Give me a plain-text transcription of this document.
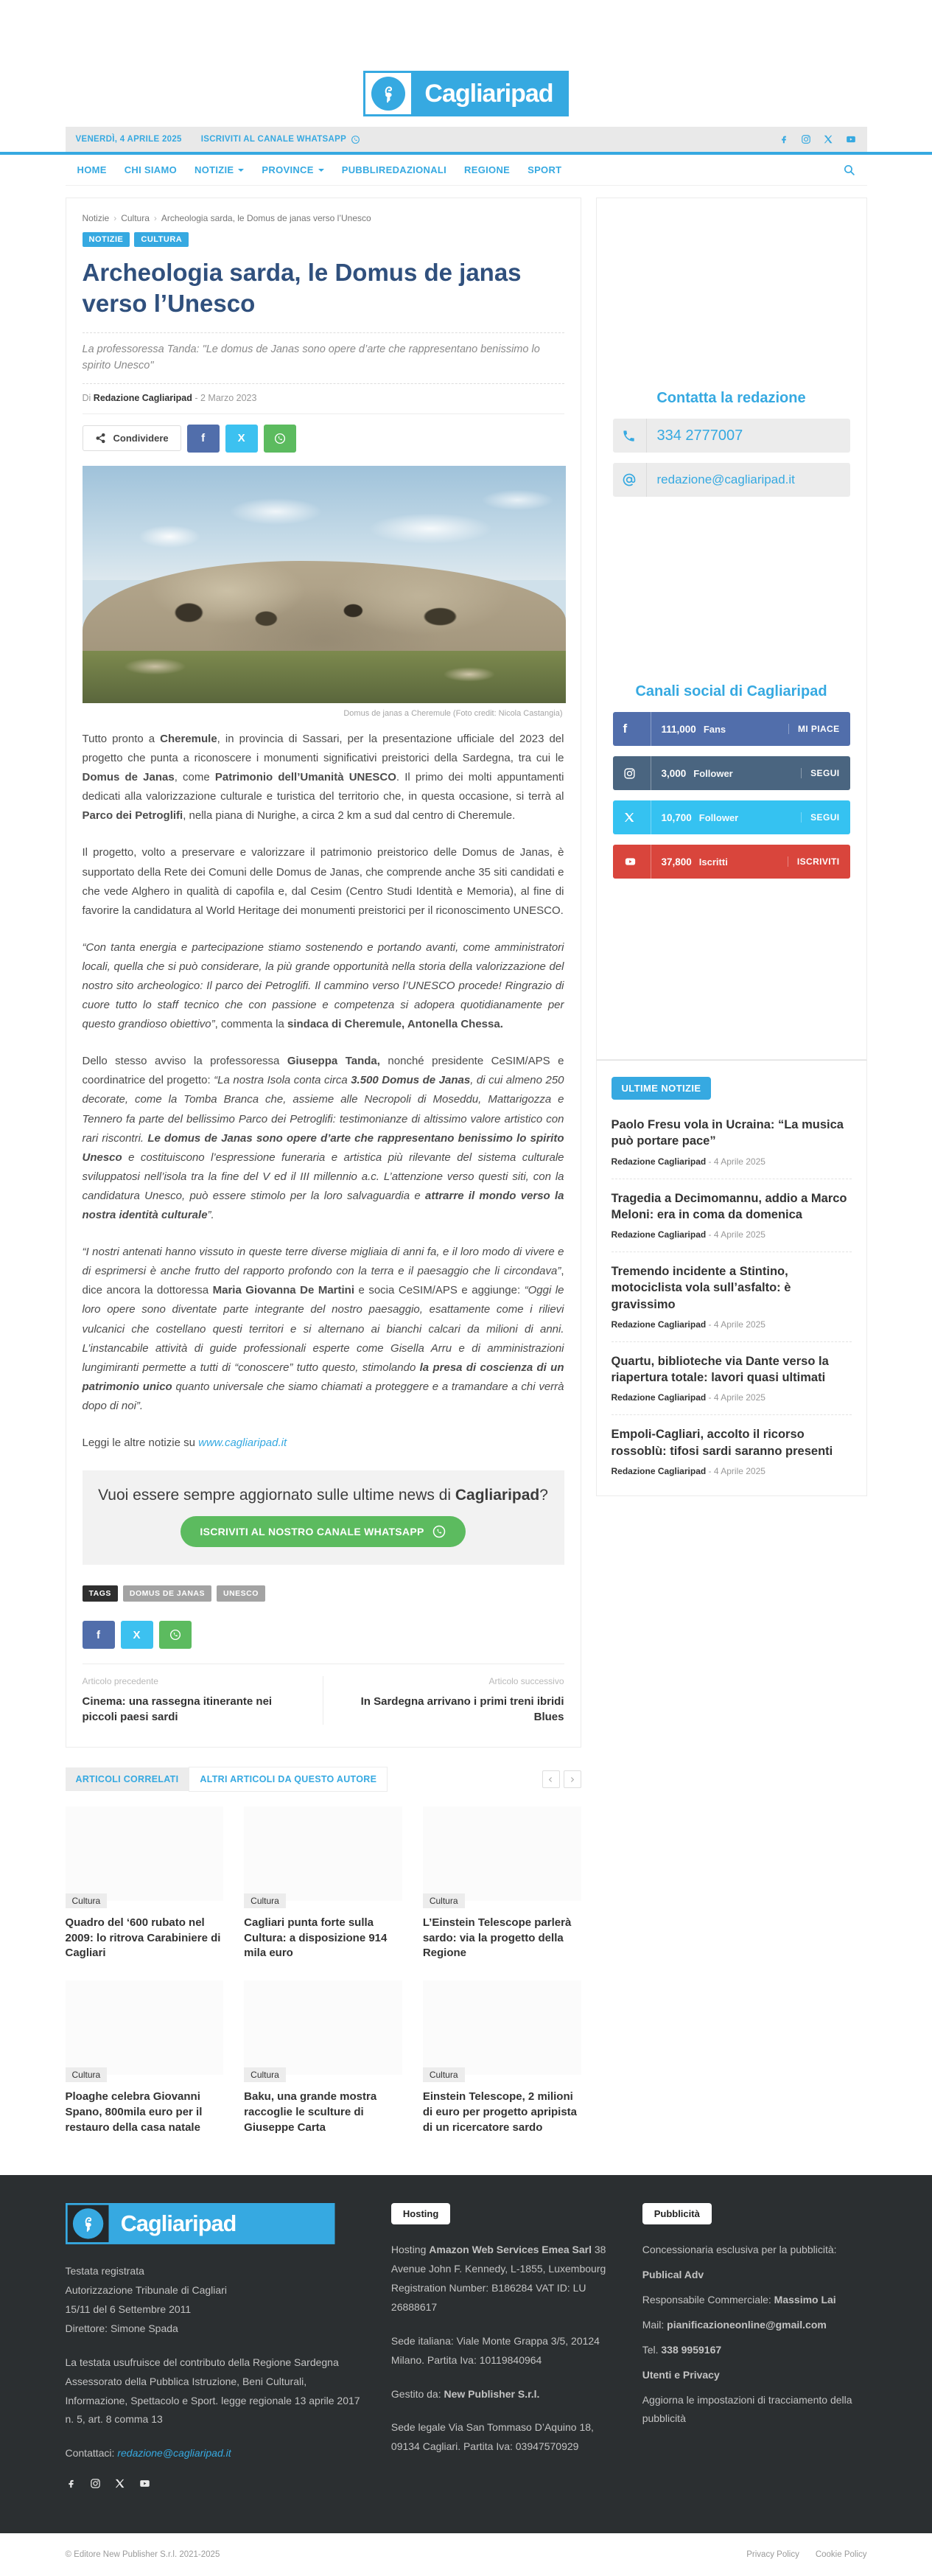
Cagliaripad
VENERDÌ, 4 APRILE 2025 ISCRIVITI AL CANALE WHATSAPP
HOME CHI SIAMO NOTIZIE	PROVINCE	PUBBLIREDAZIONALI REGIONE SPORT
Notizie ›	Cultura ›	Archeologia sarda, le Domus de janas verso l’Unesco
NOTIZIE	CULTURA
Archeologia sarda, le Domus de janas verso l’Unesco
La professoressa Tanda: "Le domus de Janas sono opere d’arte che rappresentano benissimo lo spirito Unesco"
Di Redazione Cagliaripad - 2 Marzo 2023
Condividere	f	X
Domus de janas a Cheremule (Foto credit: Nicola Castangia)

Tutto pronto a Cheremule, in provincia di Sassari, per la presentazione ufficiale del 2023 del progetto che punta a riconoscere i monumenti significativi preistorici della Sardegna, tra cui le Domus de Janas, come Patrimonio dell’Umanità UNESCO. Il primo dei molti appuntamenti dedicati alla valorizzazione culturale e turistica del territorio che, in questa occasione, si terrà al Parco dei Petroglifi, nella piana di Nurighe, a circa 2 km a sud dal centro di Cheremule.

Il progetto, volto a preservare e valorizzare il patrimonio preistorico delle Domus de Janas, è supportato della Rete dei Comuni delle Domus de Janas, che comprende anche 35 siti candidati e che vede Alghero in qualità di capofila e, dal Cesim (Centro Studi Identità e Memoria), al fine di favorire la candidatura al World Heritage dei monumenti preistorici per il riconoscimento UNESCO.

“Con tanta energia e partecipazione stiamo sostenendo e portando avanti, come amministratori locali, quella che si può considerare, la più grande opportunità nella storia della valorizzazione del nostro sito archeologico: Il parco dei Petroglifi. Il cammino verso l’UNESCO procede! Ringrazio di cuore tutto lo staff tecnico che con passione e competenza si adopera quotidianamente per questo grandioso obiettivo”, commenta la sindaca di Cheremule, Antonella Chessa.

Dello stesso avviso la professoressa Giuseppa Tanda, nonché presidente CeSIM/APS e coordinatrice del progetto: “La nostra Isola conta circa 3.500 Domus de Janas, di cui almeno 250 decorate, come la Tomba Branca che, assieme alle Necropoli di Moseddu, Mattarigozza e Tennero fa parte del bellissimo Parco dei Petroglifi: testimonianze di altissimo valore artistico con rari riscontri. Le domus de Janas sono opere d’arte che rappresentano benissimo lo spirito Unesco e costituiscono l’espressione funeraria e artistica più rilevante del sistema culturale sviluppatosi nell’isola tra la fine del V ed il III millennio a.c. L’attenzione verso questi siti, con la candidatura Unesco, può essere stimolo per la loro salvaguardia e attrarre il mondo verso la nostra identità culturale”.

“I nostri antenati hanno vissuto in queste terre diverse migliaia di anni fa, e il loro modo di vivere e di esprimersi è anche frutto del rapporto profondo con la terra e il paesaggio che li circondava”, dice ancora la dottoressa Maria Giovanna De Martini e socia CeSIM/APS e aggiunge: “Oggi le loro opere sono diventate parte integrante del nostro paesaggio, esattamente come i rilievi vulcanici che costellano questi territori e si alternano ai bianchi calcari da milioni di anni. L’instancabile attività di guide professionali esperte come Gisella Arru e di amministrazioni lungimiranti permette a tutti di “conoscere” tutto questo, stimolando la presa di coscienza di un patrimonio unico quanto universale che siamo chiamati a proteggere e a tramandare a chi verrà dopo di noi”.

Leggi le altre notizie su www.cagliaripad.it

Vuoi essere sempre aggiornato sulle ultime news di Cagliaripad?
ISCRIVITI AL NOSTRO CANALE WHATSAPP
TAGS	DOMUS DE JANAS	UNESCO
f	X
Articolo precedente
Cinema: una rassegna itinerante nei piccoli paesi sardi
Articolo successivo
In Sardegna arrivano i primi treni ibridi Blues
ARTICOLI CORRELATI	ALTRI ARTICOLI DA QUESTO AUTORE
Cultura
Quadro del ‘600 rubato nel 2009: lo ritrova Carabiniere di Cagliari
Cultura
Cagliari punta forte sulla Cultura: a disposizione 914 mila euro
Cultura
L’Einstein Telescope parlerà sardo: via la progetto della Regione
Cultura
Ploaghe celebra Giovanni Spano, 800mila euro per il restauro della casa natale
Cultura
Baku, una grande mostra raccoglie le sculture di Giuseppe Carta
Cultura
Einstein Telescope, 2 milioni di euro per progetto apripista di un ricercatore sardo
Contatta la redazione
334 2777007
redazione@cagliaripad.it
Canali social di Cagliaripad
f	111,000 Fans	MI PIACE
3,000 Follower	SEGUI
10,700 Follower	SEGUI
37,800 Iscritti	ISCRIVITI
ULTIME NOTIZIE
Paolo Fresu vola in Ucraina: “La musica può portare pace”
Redazione Cagliaripad - 4 Aprile 2025
Tragedia a Decimomannu, addio a Marco Meloni: era in coma da domenica
Redazione Cagliaripad - 4 Aprile 2025
Tremendo incidente a Stintino, motociclista vola sull’asfalto: è gravissimo
Redazione Cagliaripad - 4 Aprile 2025
Quartu, biblioteche via Dante verso la riapertura totale: lavori quasi ultimati
Redazione Cagliaripad - 4 Aprile 2025
Empoli-Cagliari, accolto il ricorso rossoblù: tifosi sardi saranno presenti
Redazione Cagliaripad - 4 Aprile 2025
Cagliaripad
Testata registrata
Autorizzazione Tribunale di Cagliari
15/11 del 6 Settembre 2011
Direttore: Simone Spada
La testata usufruisce del contributo della Regione Sardegna Assessorato della Pubblica Istruzione, Beni Culturali, Informazione, Spettacolo e Sport. legge regionale 13 aprile 2017 n. 5, art. 8 comma 13
Contattaci: redazione@cagliaripad.it
Hosting
Hosting Amazon Web Services Emea Sarl 38 Avenue John F. Kennedy, L-1855, Luxembourg Registration Number: B186284 VAT ID: LU 26888617
Sede italiana: Viale Monte Grappa 3/5, 20124 Milano. Partita Iva: 10119840964
Gestito da: New Publisher S.r.l.
Sede legale Via San Tommaso D’Aquino 18, 09134 Cagliari. Partita Iva: 03947570929
Pubblicità
Concessionaria esclusiva per la pubblicità:
Publical Adv
Responsabile Commerciale: Massimo Lai
Mail: pianificazioneonline@gmail.com
Tel. 338 9959167
Utenti e Privacy
Aggiorna le impostazioni di tracciamento della pubblicità
© Editore New Publisher S.r.l. 2021-2025	Privacy Policy Cookie Policy
